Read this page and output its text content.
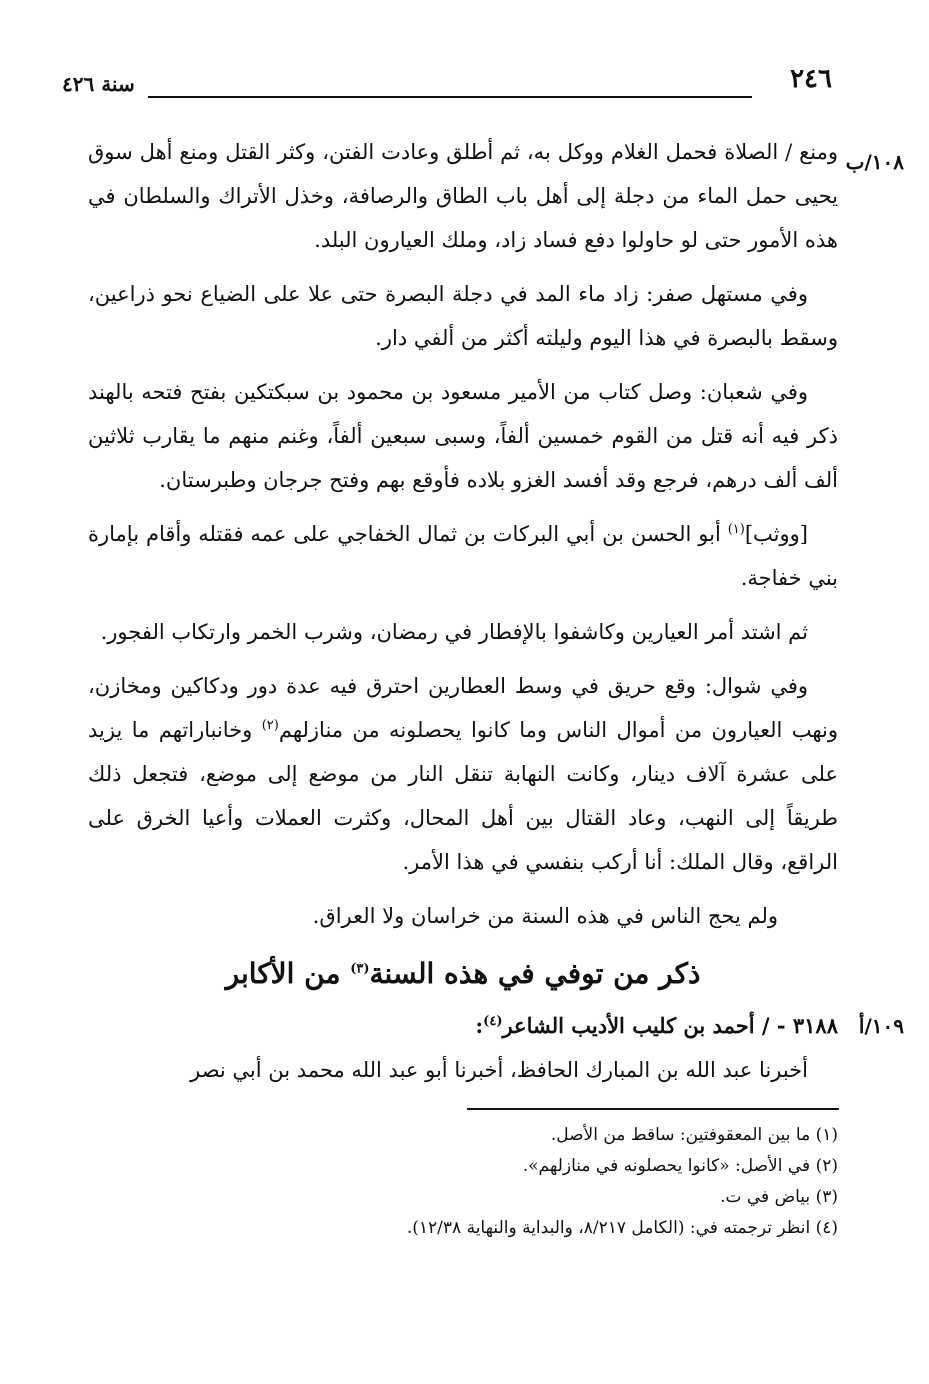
٢٤٦
سنة ٤٢٦

١٠٨/ب
ومنع / الصلاة فحمل الغلام ووكل به، ثم أطلق وعادت الفتن، وكثر القتل ومنع أهل سوق يحيى حمل الماء من دجلة إلى أهل باب الطاق والرصافة، وخذل الأتراك والسلطان في هذه الأمور حتى لو حاولوا دفع فساد زاد، وملك العيارون البلد.

وفي مستهل صفر: زاد ماء المد في دجلة البصرة حتى علا على الضياع نحو ذراعين، وسقط بالبصرة في هذا اليوم وليلته أكثر من ألفي دار.

وفي شعبان: وصل كتاب من الأمير مسعود بن محمود بن سبكتكين بفتح فتحه بالهند ذكر فيه أنه قتل من القوم خمسين ألفاً، وسبى سبعين ألفاً، وغنم منهم ما يقارب ثلاثين ألف ألف درهم، فرجع وقد أفسد الغزو بلاده فأوقع بهم وفتح جرجان وطبرستان.

[ووثب]$^{(١)}$ أبو الحسن بن أبي البركات بن ثمال الخفاجي على عمه فقتله وأقام بإمارة بني خفاجة.

ثم اشتد أمر العيارين وكاشفوا بالإفطار في رمضان، وشرب الخمر وارتكاب الفجور.

وفي شوال: وقع حريق في وسط العطارين احترق فيه عدة دور ودكاكين ومخازن، ونهب العيارون من أموال الناس وما كانوا يحصلونه من منازلهم$^{(٢)}$ وخانباراتهم ما يزيد على عشرة آلاف دينار، وكانت النهابة تنقل النار من موضع إلى موضع، فتجعل ذلك طريقاً إلى النهب، وعاد القتال بين أهل المحال، وكثرت العملات وأعيا الخرق على الراقع، وقال الملك: أنا أركب بنفسي في هذا الأمر.

ولم يحج الناس في هذه السنة من خراسان ولا العراق.

ذكر من توفي في هذه السنة$^{(٣)}$ من الأكابر

١٠٩/أ
٣١٨٨ - / أحمد بن كليب الأديب الشاعر$^{(٤)}$:

أخبرنا عبد الله بن المبارك الحافظ، أخبرنا أبو عبد الله محمد بن أبي نصر

(١) ما بين المعقوفتين: ساقط من الأصل.

(٢) في الأصل: «كانوا يحصلونه في منازلهم».

(٣) بياض في ت.

(٤) انظر ترجمته في: (الكامل ٨/٢١٧، والبداية والنهاية ١٢/٣٨).
